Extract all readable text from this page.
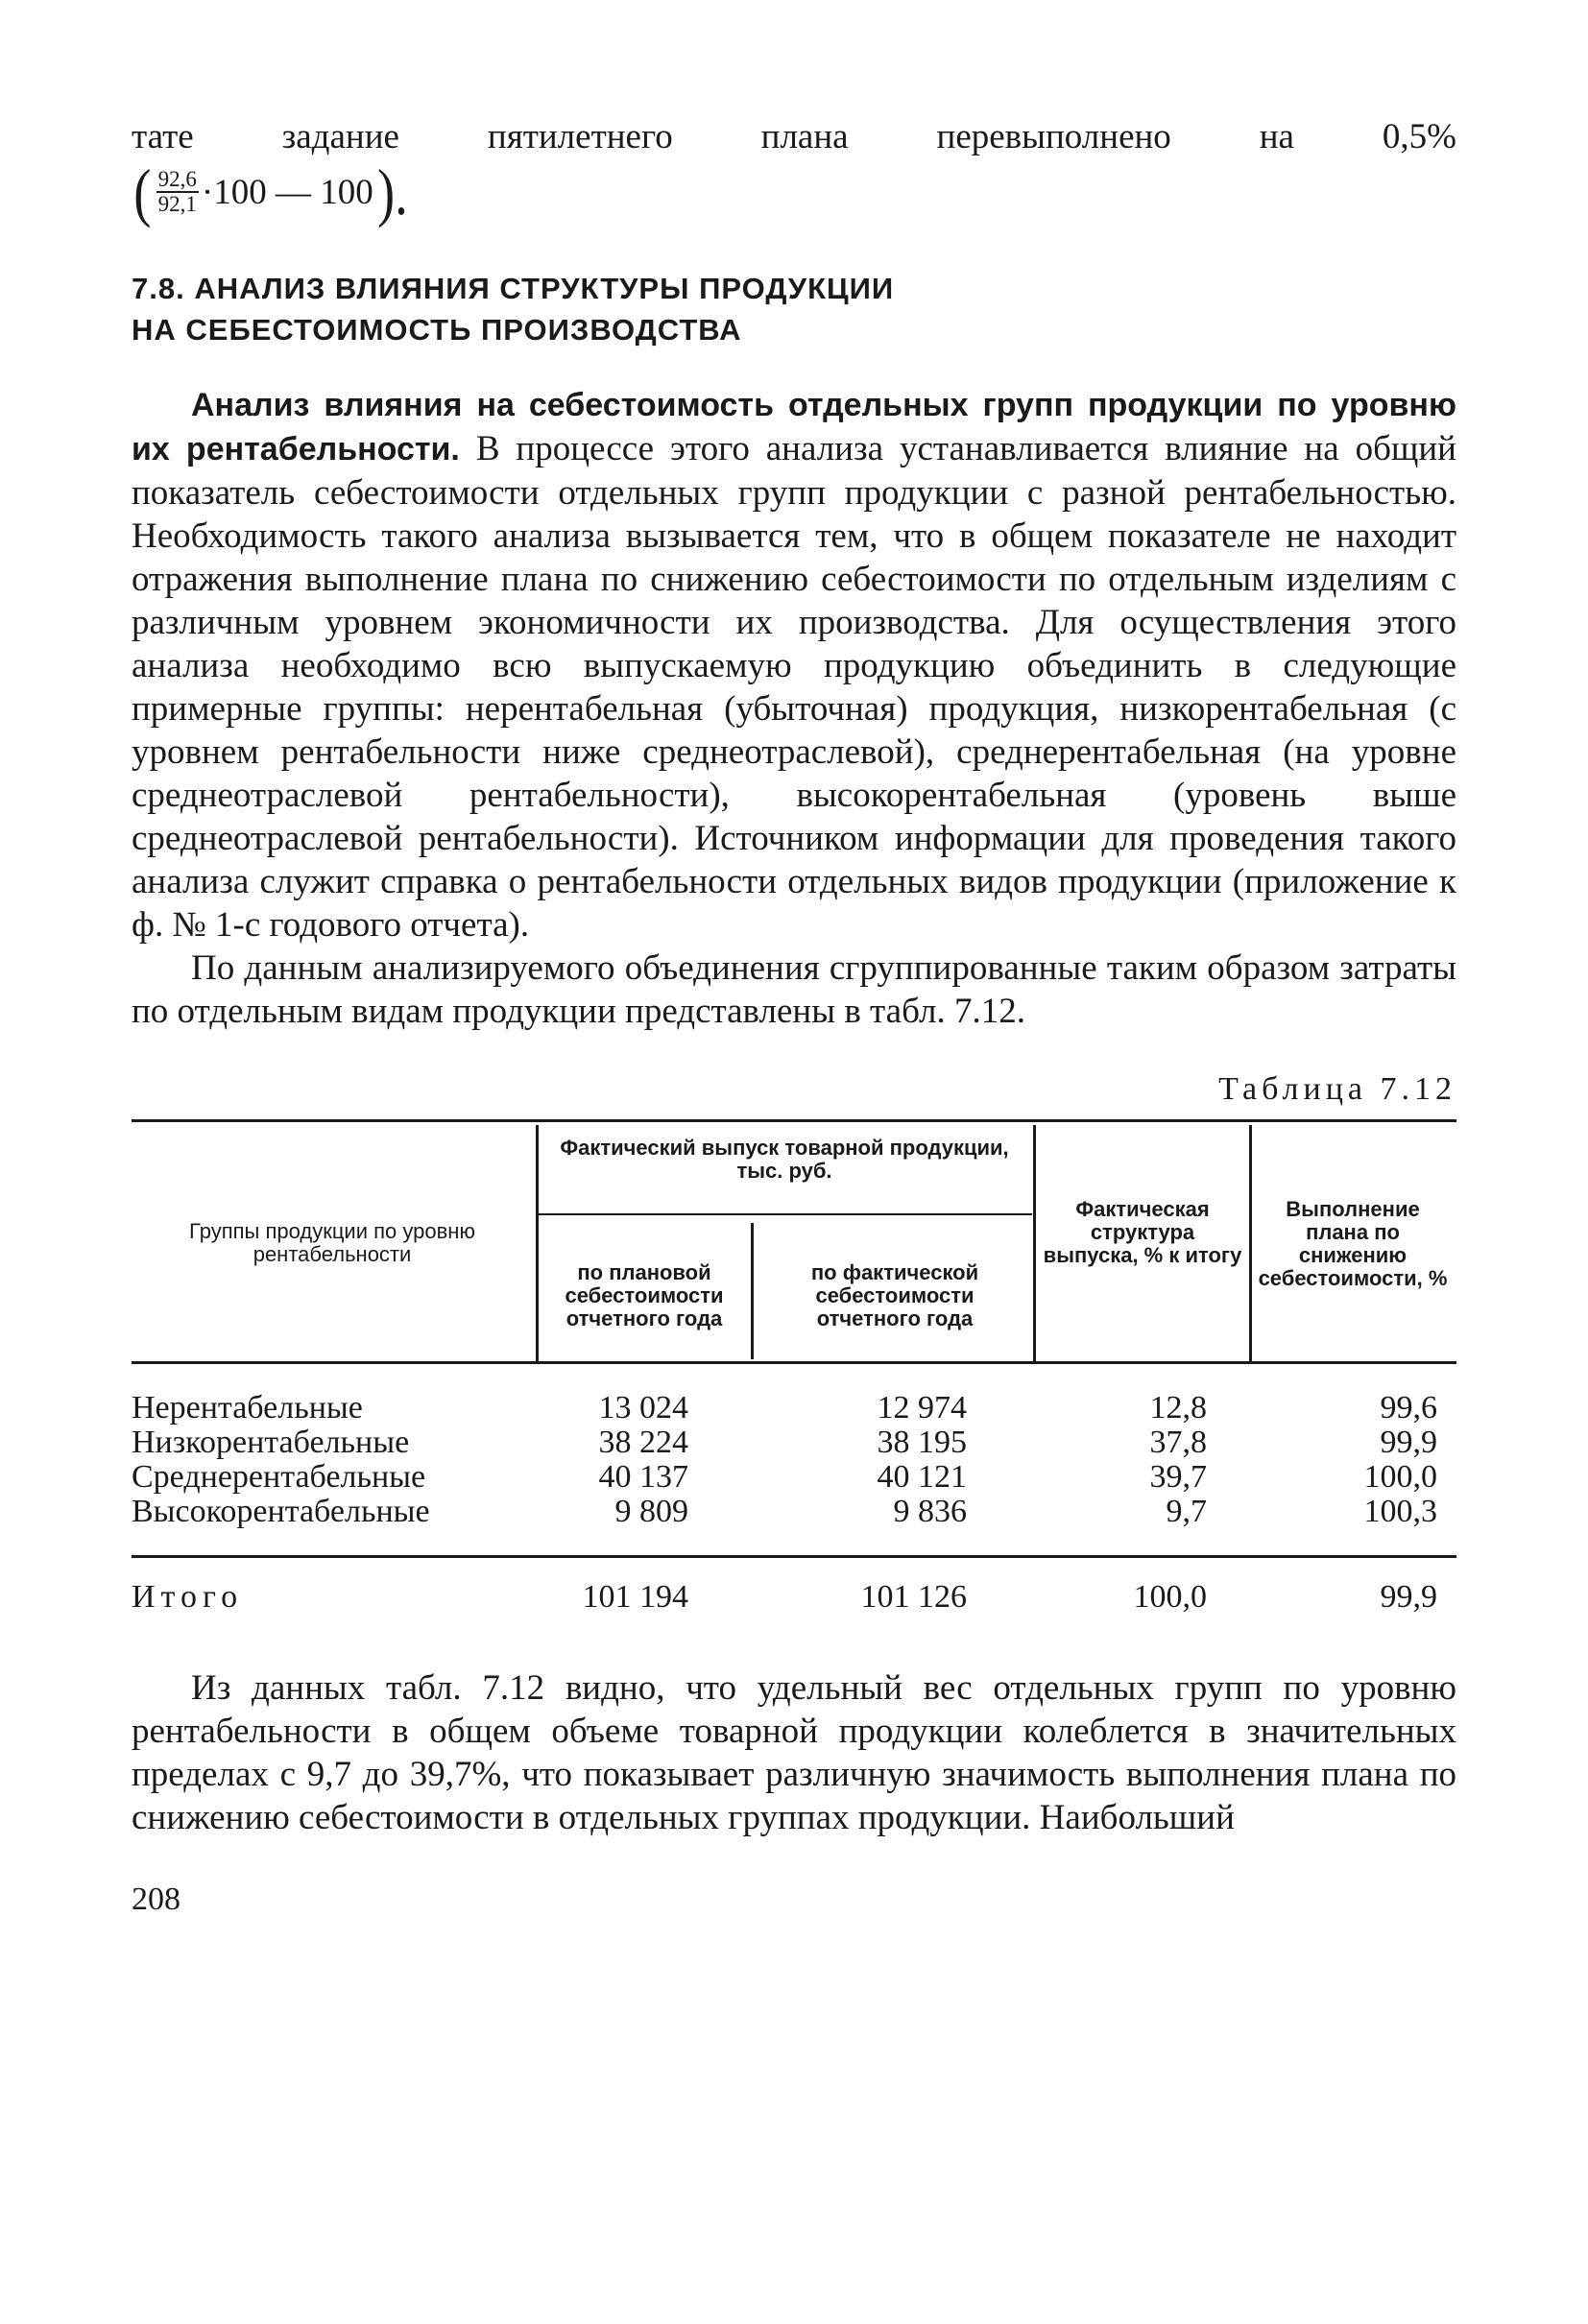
тате задание пятилетнего плана перевыполнено на 0,5%
( $\frac{92,6}{92,1} \cdot 100$ — 100 ).
7.8. АНАЛИЗ ВЛИЯНИЯ СТРУКТУРЫ ПРОДУКЦИИ
НА СЕБЕСТОИМОСТЬ ПРОИЗВОДСТВА

Анализ влияния на себестоимость отдельных групп продукции по уровню их рентабельности. В процессе этого анализа устанавливается влияние на общий показатель себестоимости отдельных групп продукции с разной рентабельностью. Необходимость такого анализа вызывается тем, что в общем показателе не находит отражения выполнение плана по снижению себестоимости по отдельным изделиям с различным уровнем экономичности их производства. Для осуществления этого анализа необходимо всю выпускаемую продукцию объединить в следующие примерные группы: нерентабельная (убыточная) продукция, низкорентабельная (с уровнем рентабельности ниже среднеотраслевой), среднерентабельная (на уровне среднеотраслевой рентабельности), высокорентабельная (уровень выше среднеотраслевой рентабельности). Источником информации для проведения такого анализа служит справка о рентабельности отдельных видов продукции (приложение к ф. № 1-с годового отчета).

По данным анализируемого объединения сгруппированные таким образом затраты по отдельным видам продукции представлены в табл. 7.12.

Таблица 7.12
Группы продукции по уровню рентабельности
Фактический выпуск товарной продукции, тыс. руб.
по плановой себестоимости отчетного года
по фактической себестоимости отчетного года
Фактическая структура выпуска, % к итогу
Выполнение плана по снижению себестоимости, %
Нерентабельные	13 024	12 974	12,8	99,6
Низкорентабельные	38 224	38 195	37,8	99,9
Среднерентабельные	40 137	40 121	39,7	100,0
Высокорентабельные	9 809	9 836	9,7	100,3
Итого	101 194	101 126	100,0	99,9

Из данных табл. 7.12 видно, что удельный вес отдельных групп по уровню рентабельности в общем объеме товарной продукции колеблется в значительных пределах с 9,7 до 39,7%, что показывает различную значимость выполнения плана по снижению себестоимости в отдельных группах продукции. Наибольший

208
